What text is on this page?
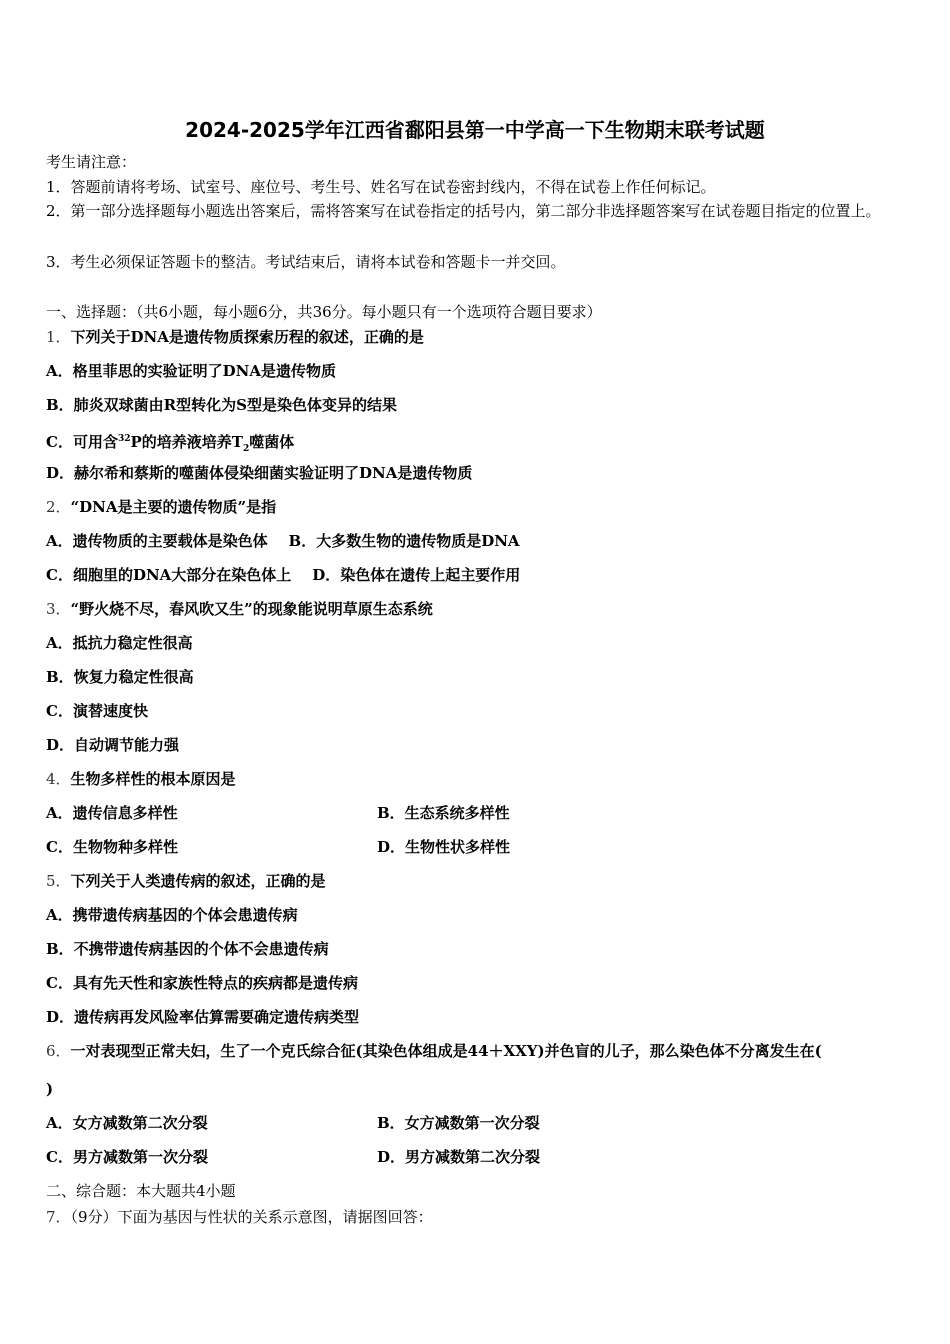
2024-2025学年江西省鄱阳县第一中学高一下生物期末联考试题
考生请注意：
1．答题前请将考场、试室号、座位号、考生号、姓名写在试卷密封线内，不得在试卷上作任何标记。
2．第一部分选择题每小题选出答案后，需将答案写在试卷指定的括号内，第二部分非选择题答案写在试卷题目指定的位置上。
3．考生必须保证答题卡的整洁。考试结束后，请将本试卷和答题卡一并交回。
一、选择题：（共6小题，每小题6分，共36分。每小题只有一个选项符合题目要求）
1．下列关于DNA是遗传物质探索历程的叙述，正确的是
A．格里菲思的实验证明了DNA是遗传物质
B．肺炎双球菌由R型转化为S型是染色体变异的结果
C．可用含$^{32}$P的培养液培养$T_2$噬菌体
D．赫尔希和蔡斯的噬菌体侵染细菌实验证明了DNA是遗传物质
2．“DNA是主要的遗传物质”是指
A．遗传物质的主要载体是染色体 B．大多数生物的遗传物质是DNA
C．细胞里的DNA大部分在染色体上 D．染色体在遗传上起主要作用
3．“野火烧不尽，春风吹又生”的现象能说明草原生态系统
A．抵抗力稳定性很高
B．恢复力稳定性很高
C．演替速度快
D．自动调节能力强
4．生物多样性的根本原因是
A．遗传信息多样性	B．生态系统多样性
C．生物物种多样性	D．生物性状多样性
5．下列关于人类遗传病的叙述，正确的是
A．携带遗传病基因的个体会患遗传病
B．不携带遗传病基因的个体不会患遗传病
C．具有先天性和家族性特点的疾病都是遗传病
D．遗传病再发风险率估算需要确定遗传病类型
6．一对表现型正常夫妇，生了一个克氏综合征(其染色体组成是44＋XXY)并色盲的儿子，那么染色体不分离发生在(
)
A．女方减数第二次分裂	B．女方减数第一次分裂
C．男方减数第一次分裂	D．男方减数第二次分裂
二、综合题：本大题共4小题
7．（9分）下面为基因与性状的关系示意图，请据图回答：
